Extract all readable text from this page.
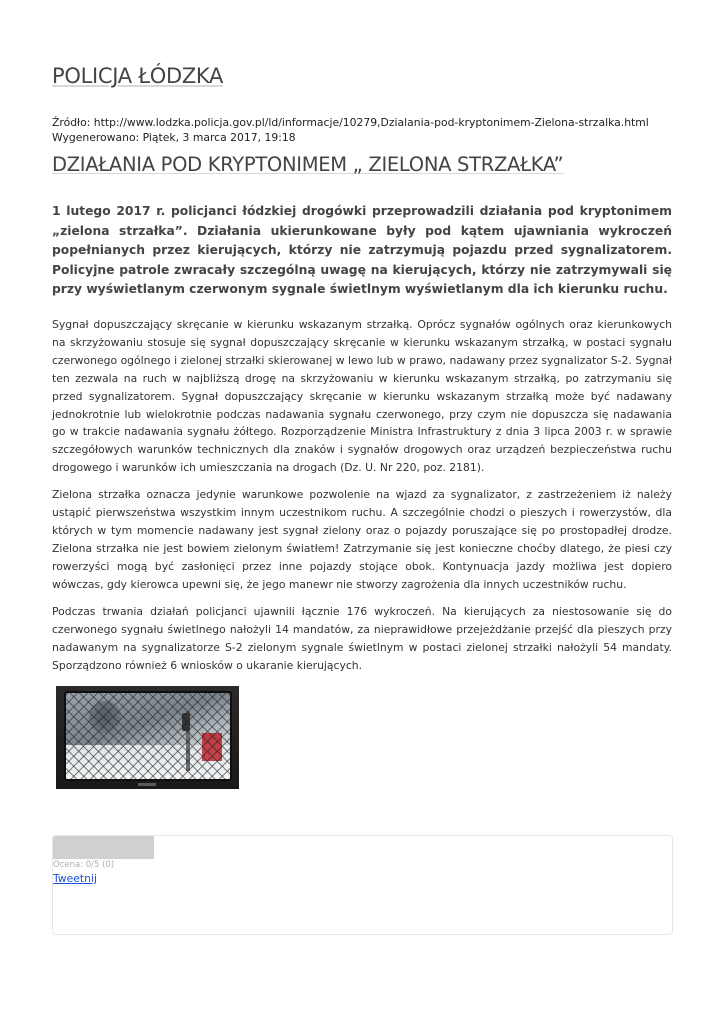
POLICJA ŁÓDZKA
Źródło: http://www.lodzka.policja.gov.pl/ld/informacje/10279,Dzialania-pod-kryptonimem-Zielona-strzalka.html
Wygenerowano: Piątek, 3 marca 2017, 19:18
DZIAŁANIA POD KRYPTONIMEM „ ZIELONA STRZAŁKA”

1 lutego 2017 r. policjanci łódzkiej drogówki przeprowadzili działania pod kryptonimem „zielona strzałka”. Działania ukierunkowane były pod kątem ujawniania wykroczeń popełnianych przez kierujących, którzy nie zatrzymują pojazdu przed sygnalizatorem. Policyjne patrole zwracały szczególną uwagę na kierujących, którzy nie zatrzymywali się przy wyświetlanym czerwonym sygnale świetlnym wyświetlanym dla ich kierunku ruchu.

Sygnał dopuszczający skręcanie w kierunku wskazanym strzałką. Oprócz sygnałów ogólnych oraz kierunkowych na skrzyżowaniu stosuje się sygnał dopuszczający skręcanie w kierunku wskazanym strzałką, w postaci sygnału czerwonego ogólnego i zielonej strzałki skierowanej w lewo lub w prawo, nadawany przez sygnalizator S-2. Sygnał ten zezwala na ruch w najbliższą drogę na skrzyżowaniu w kierunku wskazanym strzałką, po zatrzymaniu się przed sygnalizatorem. Sygnał dopuszczający skręcanie w kierunku wskazanym strzałką może być nadawany jednokrotnie lub wielokrotnie podczas nadawania sygnału czerwonego, przy czym nie dopuszcza się nadawania go w trakcie nadawania sygnału żółtego. Rozporządzenie Ministra Infrastruktury z dnia 3 lipca 2003 r. w sprawie szczegółowych warunków technicznych dla znaków i sygnałów drogowych oraz urządzeń bezpieczeństwa ruchu drogowego i warunków ich umieszczania na drogach (Dz. U. Nr 220, poz. 2181).

Zielona strzałka oznacza jedynie warunkowe pozwolenie na wjazd za sygnalizator, z zastrzeżeniem iż należy ustąpić pierwszeństwa wszystkim innym uczestnikom ruchu. A szczególnie chodzi o pieszych i rowerzystów, dla których w tym momencie nadawany jest sygnał zielony oraz o pojazdy poruszające się po prostopadłej drodze. Zielona strzałka nie jest bowiem zielonym światłem! Zatrzymanie się jest konieczne choćby dlatego, że piesi czy rowerzyści mogą być zasłonięci przez inne pojazdy stojące obok. Kontynuacja jazdy możliwa jest dopiero wówczas, gdy kierowca upewni się, że jego manewr nie stworzy zagrożenia dla innych uczestników ruchu.

Podczas trwania działań policjanci ujawnili łącznie 176 wykroczeń. Na kierujących za niestosowanie się do czerwonego sygnału świetlnego nałożyli 14 mandatów, za nieprawidłowe przejeżdżanie przejść dla pieszych przy nadawanym na sygnalizatorze S-2 zielonym sygnale świetlnym w postaci zielonej strzałki nałożyli 54 mandaty. Sporządzono również 6 wniosków o ukaranie kierujących.

Ocena: 0/5 (0)
Tweetnij
